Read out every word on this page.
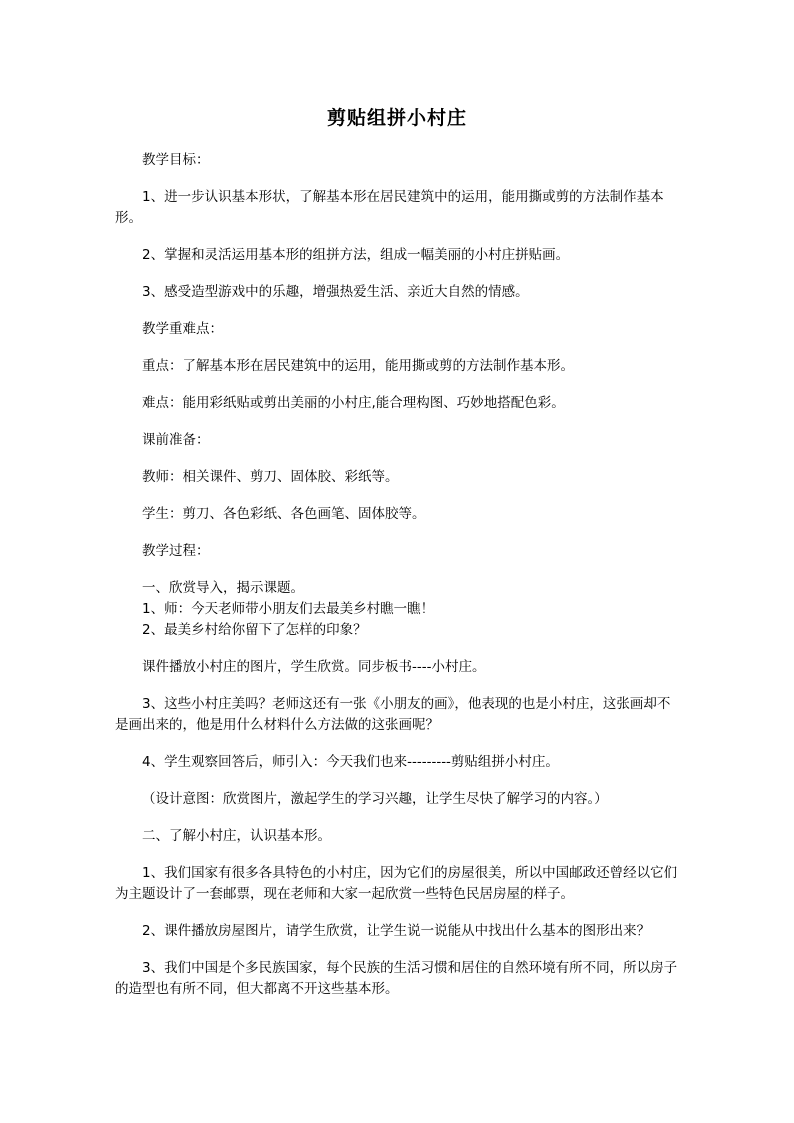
剪贴组拼小村庄

教学目标：

1、进一步认识基本形状，了解基本形在居民建筑中的运用，能用撕或剪的方法制作基本形。

2、掌握和灵活运用基本形的组拼方法，组成一幅美丽的小村庄拼贴画。

3、感受造型游戏中的乐趣，增强热爱生活、亲近大自然的情感。

教学重难点：

重点：了解基本形在居民建筑中的运用，能用撕或剪的方法制作基本形。

难点：能用彩纸贴或剪出美丽的小村庄,能合理构图、巧妙地搭配色彩。

课前准备：

教师：相关课件、剪刀、固体胶、彩纸等。

学生：剪刀、各色彩纸、各色画笔、固体胶等。

教学过程：

一、欣赏导入，揭示课题。

1、师：今天老师带小朋友们去最美乡村瞧一瞧！

2、最美乡村给你留下了怎样的印象？

课件播放小村庄的图片，学生欣赏。同步板书----小村庄。

3、这些小村庄美吗？老师这还有一张《小朋友的画》，他表现的也是小村庄，这张画却不是画出来的，他是用什么材料什么方法做的这张画呢？

4、学生观察回答后，师引入：今天我们也来---------剪贴组拼小村庄。

（设计意图：欣赏图片，激起学生的学习兴趣，让学生尽快了解学习的内容。）

二、了解小村庄，认识基本形。

1、我们国家有很多各具特色的小村庄，因为它们的房屋很美，所以中国邮政还曾经以它们为主题设计了一套邮票，现在老师和大家一起欣赏一些特色民居房屋的样子。

2、课件播放房屋图片，请学生欣赏，让学生说一说能从中找出什么基本的图形出来？

3、我们中国是个多民族国家，每个民族的生活习惯和居住的自然环境有所不同，所以房子的造型也有所不同，但大都离不开这些基本形。
